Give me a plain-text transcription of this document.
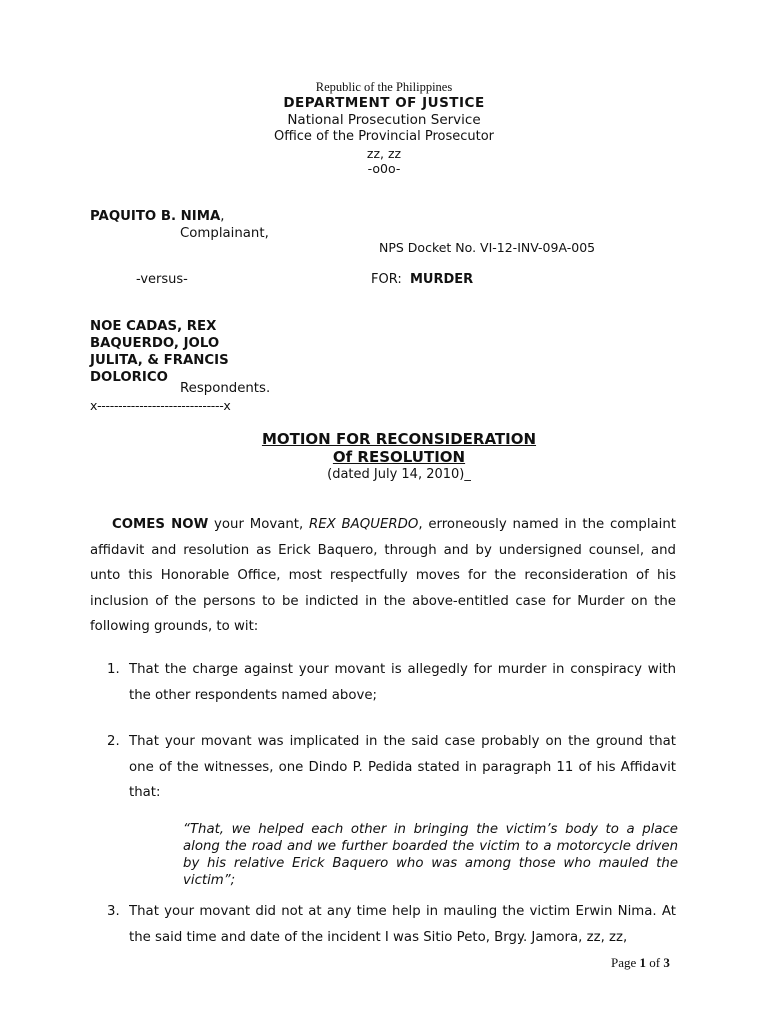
Republic of the Philippines
DEPARTMENT OF JUSTICE
National Prosecution Service
Office of the Provincial Prosecutor
zz, zz
-o0o-
PAQUITO B. NIMA,
Complainant,
NPS Docket No. VI-12-INV-09A-005
-versus-	FOR: MURDER
NOE CADAS, REX
BAQUERDO, JOLO
JULITA, & FRANCIS
DOLORICO
Respondents.
x------------------------------x
MOTION FOR RECONSIDERATION
Of RESOLUTION
(dated July 14, 2010)_

COMES NOW your Movant, REX BAQUERDO, erroneously named in the complaint affidavit and resolution as Erick Baquero, through and by undersigned counsel, and unto this Honorable Office, most respectfully moves for the reconsideration of his inclusion of the persons to be indicted in the above-entitled case for Murder on the following grounds, to wit:

1. That the charge against your movant is allegedly for murder in conspiracy with the other respondents named above;

2. That your movant was implicated in the said case probably on the ground that one of the witnesses, one Dindo P. Pedida stated in paragraph 11 of his Affidavit that:

“That, we helped each other in bringing the victim’s body to a place along the road and we further boarded the victim to a motorcycle driven by his relative Erick Baquero who was among those who mauled the victim”;

3. That your movant did not at any time help in mauling the victim Erwin Nima. At the said time and date of the incident I was Sitio Peto, Brgy. Jamora, zz, zz,

Page 1 of 3
